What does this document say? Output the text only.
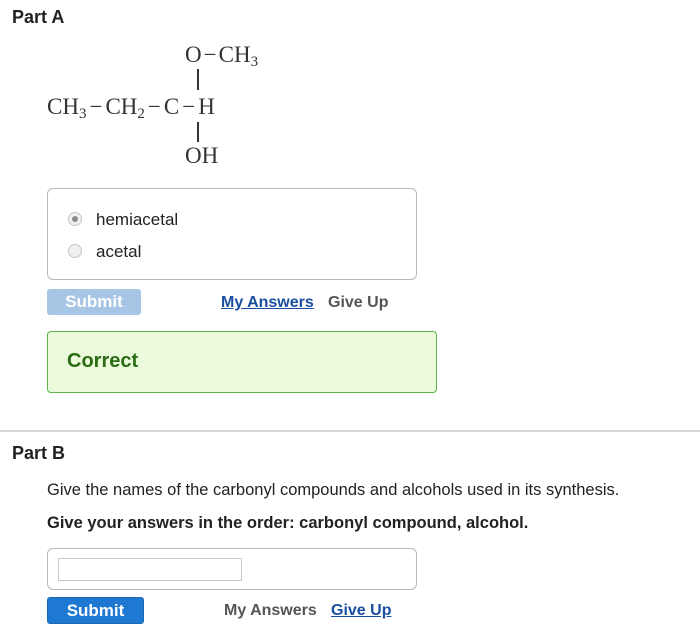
Part A
$O-CH_3$
$CH_3 - CH_2 - C - H$
OH
hemiacetal
acetal
Submit	My Answers Give Up
Correct
Part B
Give the names of the carbonyl compounds and alcohols used in its synthesis.
Give your answers in the order: carbonyl compound, alcohol.
Submit	My Answers Give Up
